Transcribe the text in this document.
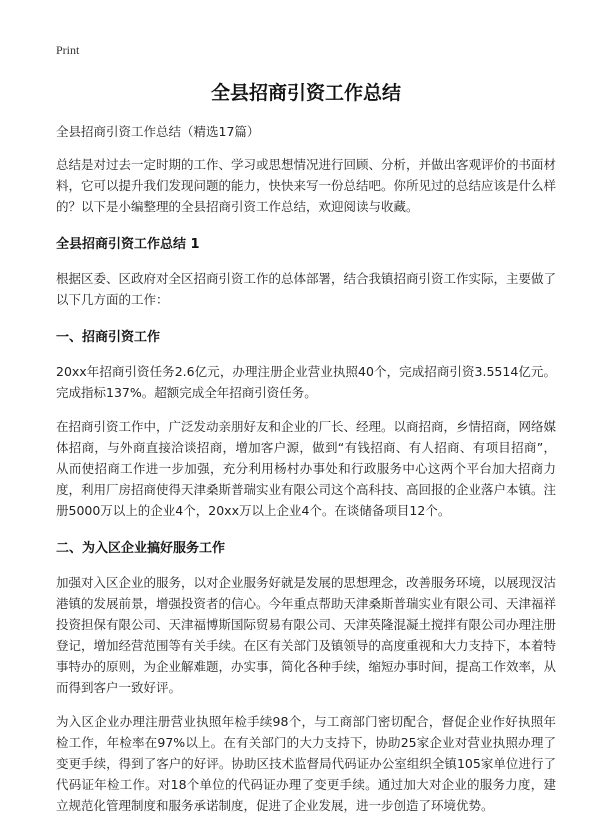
Print

全县招商引资工作总结

全县招商引资工作总结（精选17篇）

总结是对过去一定时期的工作、学习或思想情况进行回顾、分析，并做出客观评价的书面材料，它可以提升我们发现问题的能力，快快来写一份总结吧。你所见过的总结应该是什么样的？以下是小编整理的全县招商引资工作总结，欢迎阅读与收藏。

全县招商引资工作总结 1

根据区委、区政府对全区招商引资工作的总体部署，结合我镇招商引资工作实际，主要做了以下几方面的工作：

一、招商引资工作

20xx年招商引资任务2.6亿元，办理注册企业营业执照40个，完成招商引资3.5514亿元。完成指标137%。超额完成全年招商引资任务。

在招商引资工作中，广泛发动亲朋好友和企业的厂长、经理。以商招商，乡情招商，网络媒体招商，与外商直接洽谈招商，增加客户源，做到“有钱招商、有人招商、有项目招商”，从而使招商工作进一步加强，充分利用杨村办事处和行政服务中心这两个平台加大招商力度，利用厂房招商使得天津桑斯普瑞实业有限公司这个高科技、高回报的企业落户本镇。注册5000万以上的企业4个，20xx万以上企业4个。在谈储备项目12个。

二、为入区企业搞好服务工作

加强对入区企业的服务，以对企业服务好就是发展的思想理念，改善服务环境，以展现汊沽港镇的发展前景，增强投资者的信心。今年重点帮助天津桑斯普瑞实业有限公司、天津福祥投资担保有限公司、天津福博斯国际贸易有限公司、天津英隆混凝土搅拌有限公司办理注册登记，增加经营范围等有关手续。在区有关部门及镇领导的高度重视和大力支持下，本着特事特办的原则，为企业解难题，办实事，简化各种手续，缩短办事时间，提高工作效率，从而得到客户一致好评。

为入区企业办理注册营业执照年检手续98个，与工商部门密切配合，督促企业作好执照年检工作，年检率在97%以上。在有关部门的大力支持下，协助25家企业对营业执照办理了变更手续，得到了客户的好评。协助区技术监督局代码证办公室组织全镇105家单位进行了代码证年检工作。对18个单位的代码证办理了变更手续。通过加大对企业的服务力度，建立规范化管理制度和服务承诺制度，促进了企业发展，进一步创造了环境优势。
